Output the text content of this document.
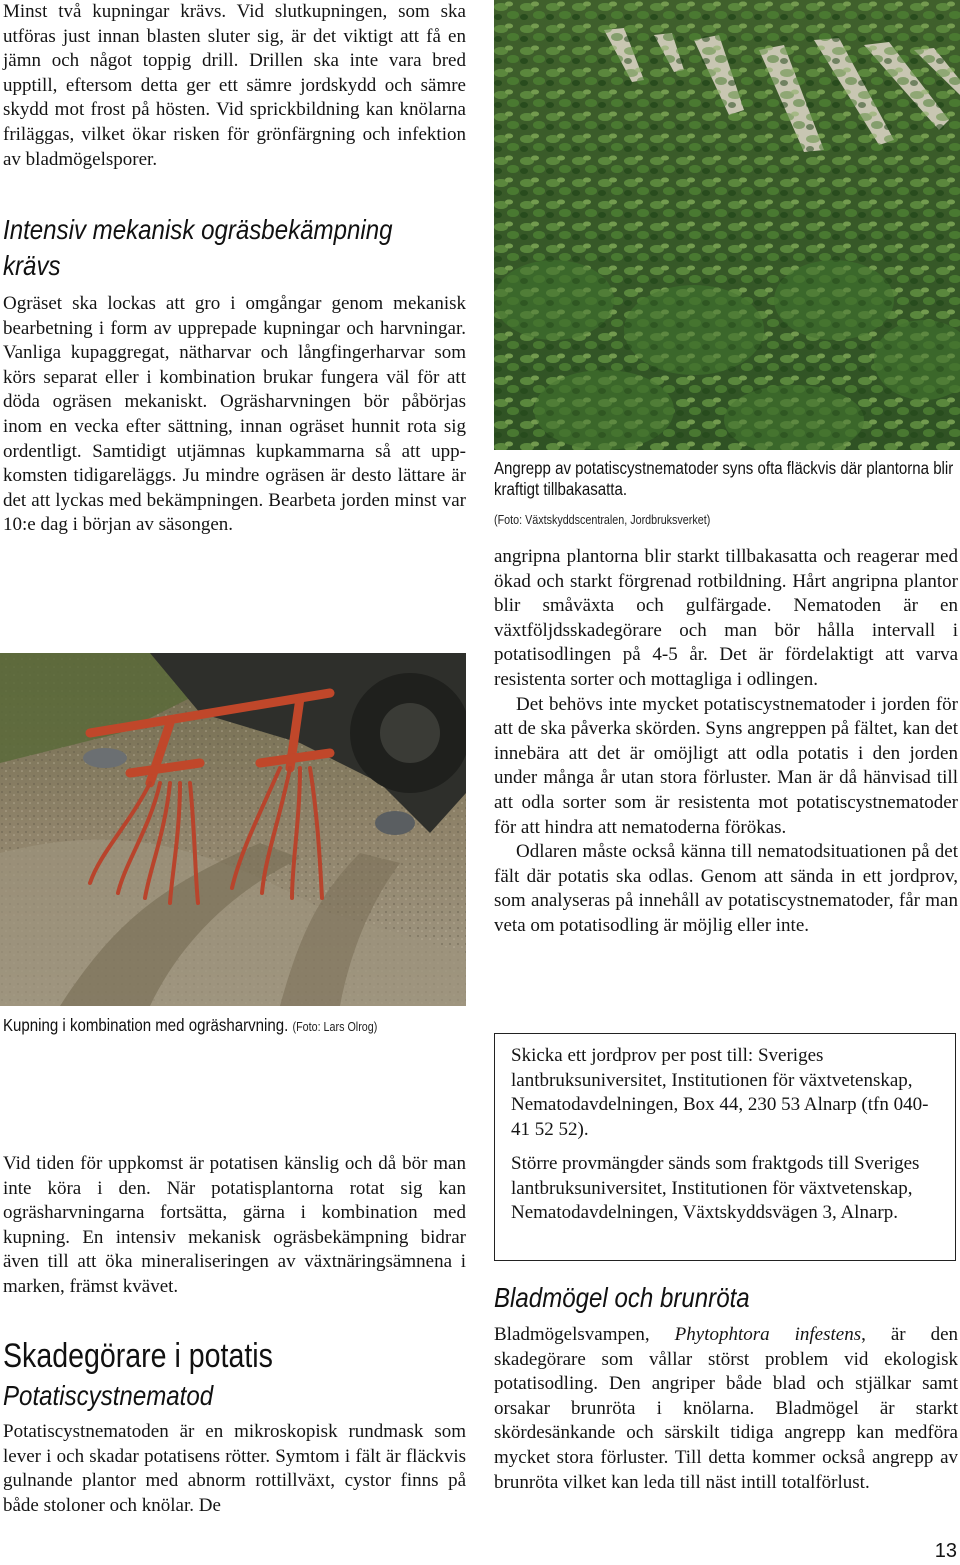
Minst två kupningar krävs. Vid slutkupningen, som ska utföras just innan blasten sluter sig, är det viktigt att få en jämn och något toppig drill. Drillen ska inte vara bred upptill, eftersom detta ger ett sämre jordskydd och sämre skydd mot frost på hösten. Vid sprickbildning kan knölarna friläggas, vilket ökar risken för grönfärgning och infektion av bladmögelsporer.

Intensiv mekanisk ogräsbekämpning
krävs

Ogräset ska lockas att gro i omgångar genom mekanisk bearbetning i form av upprepade kupningar och harvningar. Vanliga kupaggregat, nätharvar och långfingerharvar som körs separat eller i kombination brukar fungera väl för att döda ogräsen mekaniskt. Ogräsharvningen bör påbörjas inom en vecka efter sättning, innan ogräset hunnit rota sig ordentligt. Samtidigt utjämnas kupkammarna så att uppkomsten tidigareläggs. Ju mindre ogräsen är desto lättare är det att lyckas med bekämpningen. Bearbeta jorden minst var 10:e dag i början av säsongen.

Kupning i kombination med ogräsharvning. (Foto: Lars Olrog)

Vid tiden för uppkomst är potatisen känslig och då bör man inte köra i den. När potatisplantorna rotat sig kan ogräsharvningarna fortsätta, gärna i kombination med kupning. En intensiv mekanisk ogräsbekämpning bidrar även till att öka mineraliseringen av växtnäringsämnena i marken, främst kvävet.

Skadegörare i potatis
Potatiscystnematod

Potatiscystnematoden är en mikroskopisk rundmask som lever i och skadar potatisens rötter. Symtom i fält är fläckvis gulnande plantor med abnorm rottillväxt, cystor finns på både stoloner och knölar. De

Angrepp av potatiscystnematoder syns ofta fläckvis där plantorna blir kraftigt tillbakasatta.
(Foto: Växtskyddscentralen, Jordbruksverket)

angripna plantorna blir starkt tillbakasatta och reagerar med ökad och starkt förgrenad rotbildning. Hårt angripna plantor blir småväxta och gulfärgade. Nematoden är en växtföljdsskadegörare och man bör hålla intervall i potatisodlingen på 4-5 år. Det är fördelaktigt att varva resistenta sorter och mottagliga i odlingen.

Det behövs inte mycket potatiscystnematoder i jorden för att de ska påverka skörden. Syns angreppen på fältet, kan det innebära att det är omöjligt att odla potatis i den jorden under många år utan stora förluster. Man är då hänvisad till att odla sorter som är resistenta mot potatiscystnematoder för att hindra att nematoderna förökas.

Odlaren måste också känna till nematodsituationen på det fält där potatis ska odlas. Genom att sända in ett jordprov, som analyseras på innehåll av potatiscystnematoder, får man veta om potatisodling är möjlig eller inte.

Skicka ett jordprov per post till: Sveriges lantbruksuniversitet, Institutionen för växtvetenskap, Nematodavdelningen, Box 44, 230 53 Alnarp (tfn 040-41 52 52).

Större provmängder sänds som fraktgods till Sveriges lantbruksuniversitet, Institutionen för växtvetenskap, Nematodavdelningen, Växtskyddsvägen 3, Alnarp.

Bladmögel och brunröta

Bladmögelsvampen, Phytophtora infestens, är den skadegörare som vållar störst problem vid ekologisk potatisodling. Den angriper både blad och stjälkar samt orsakar brunröta i knölarna. Bladmögel är starkt skördesänkande och särskilt tidiga angrepp kan medföra mycket stora förluster. Till detta kommer också angrepp av brunröta vilket kan leda till näst intill totalförlust.

13
